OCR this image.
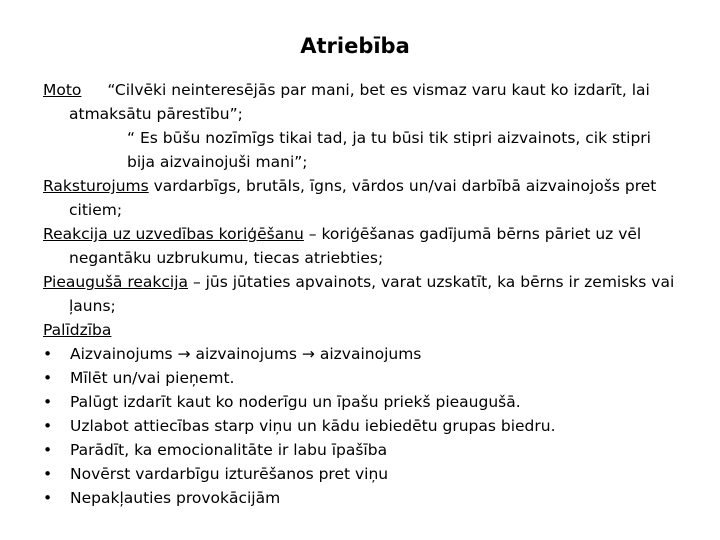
Atriebība

Moto “Cilvēki neinteresējās par mani, bet es vismaz varu kaut ko izdarīt, lai atmaksātu pārestību”;
“ Es būšu nozīmīgs tikai tad, ja tu būsi tik stipri aizvainots, cik stipri bija aizvainojuši mani”;

Raksturojums vardarbīgs, brutāls, īgns, vārdos un/vai darbībā aizvainojošs pret citiem;

Reakcija uz uzvedības koriģēšanu – koriģēšanas gadījumā bērns pāriet uz vēl negantāku uzbrukumu, tiecas atriebties;

Pieaugušā reakcija – jūs jūtaties apvainots, varat uzskatīt, ka bērns ir zemisks vai ļauns;

Palīdzība

• Aizvainojums → aizvainojums → aizvainojums
• Mīlēt un/vai pieņemt.
• Palūgt izdarīt kaut ko noderīgu un īpašu priekš pieaugušā.
• Uzlabot attiecības starp viņu un kādu iebiedētu grupas biedru.
• Parādīt, ka emocionalitāte ir labu īpašība
• Novērst vardarbīgu izturēšanos pret viņu
• Nepakļauties provokācijām
